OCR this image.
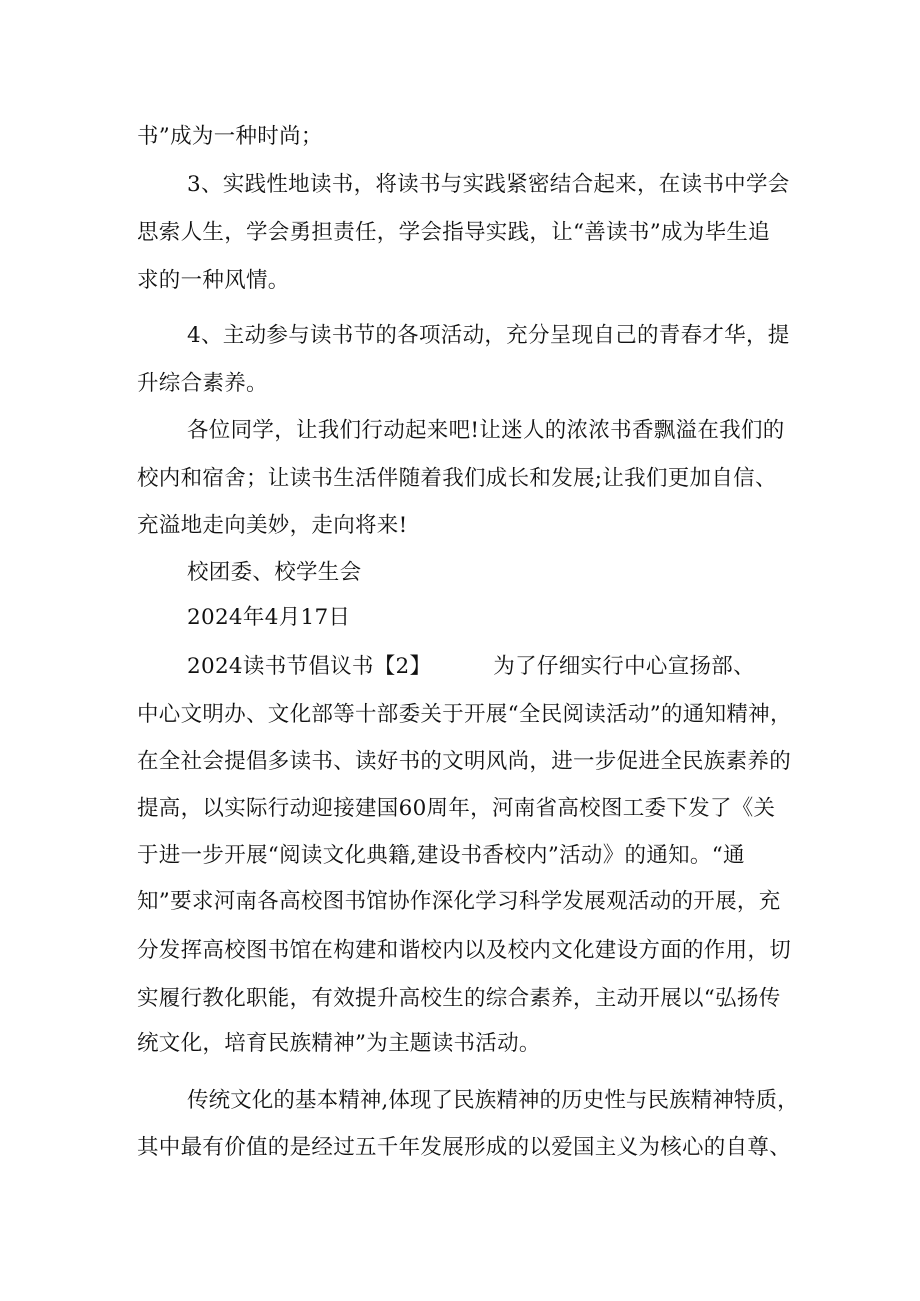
书”成为一种时尚；
3、实践性地读书，将读书与实践紧密结合起来，在读书中学会
思索人生，学会勇担责任，学会指导实践，让“善读书”成为毕生追
求的一种风情。
4、主动参与读书节的各项活动，充分呈现自己的青春才华，提
升综合素养。
各位同学，让我们行动起来吧!让迷人的浓浓书香飘溢在我们的
校内和宿舍；让读书生活伴随着我们成长和发展;让我们更加自信、
充溢地走向美妙，走向将来!
校团委、校学生会
2024年4月17日
2024读书节倡议书【2】	为了仔细实行中心宣扬部、
中心文明办、文化部等十部委关于开展“全民阅读活动”的通知精神，
在全社会提倡多读书、读好书的文明风尚，进一步促进全民族素养的
提高，以实际行动迎接建国60周年，河南省高校图工委下发了《关
于进一步开展“阅读文化典籍,建设书香校内”活动》的通知。“通
知”要求河南各高校图书馆协作深化学习科学发展观活动的开展，充
分发挥高校图书馆在构建和谐校内以及校内文化建设方面的作用，切
实履行教化职能，有效提升高校生的综合素养，主动开展以“弘扬传
统文化，培育民族精神”为主题读书活动。
传统文化的基本精神,体现了民族精神的历史性与民族精神特质，
其中最有价值的是经过五千年发展形成的以爱国主义为核心的自尊、
